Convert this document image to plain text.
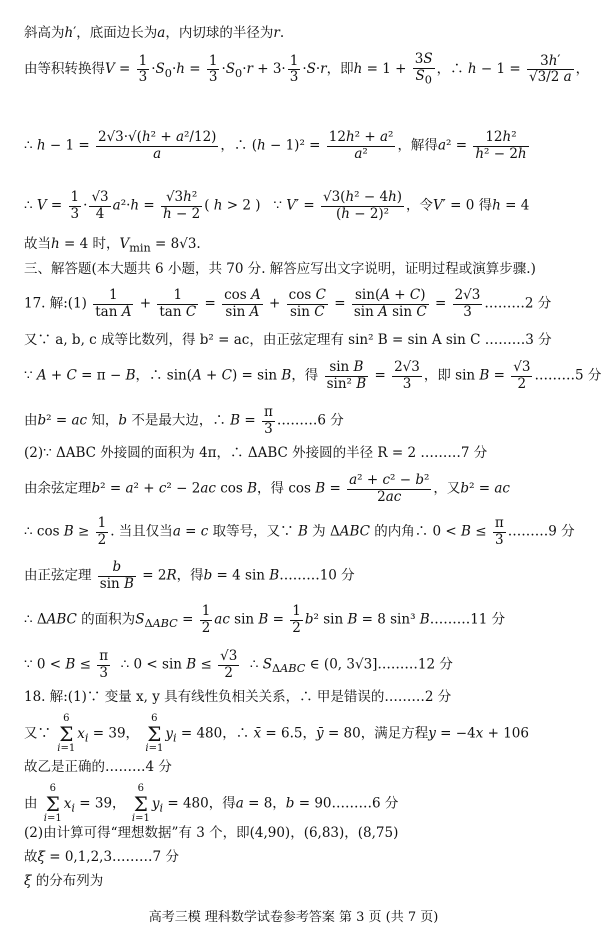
斜高为h′，底面边长为a，内切球的半径为r.
由等积转换得$V = \frac{1}{3} \cdot S_0\cdot h = \frac{1}{3} \cdot S_0\cdot r + 3\cdot \frac{1}{3} \cdot S\cdot r$，即$h = 1 + \frac{3S}{S_0}$ ，∴ $h - 1 = \frac{3h'}{√3/2 a}$ ，
∴ $h - 1 = \frac{\text{2√3·√(h² + a²/12)}}{a}$ ，∴ $(h - 1)^2 = \frac{\text{12h² + a²}}{\text{a²}}$ ，解得$a^2 = \frac{\text{12h²}}{\text{h² − 2h}}$
∴ $V = \frac{1}{3} \cdot \frac{√3}{4} a^2\cdot h = \frac{\text{√3h²}}{h - 2}$ ( h > 2 )   ∵ $V' = \frac{\text{√3(h² − 4h)}}{\text{(h − 2)²}}$ ，令V′ = 0 得h = 4
故当h = 4 时，$V_{min} = 8√3$.
三、解答题(本大题共 6 小题，共 70 分. 解答应写出文字说明，证明过程或演算步骤.)
17. 解:(1) $\frac{1}{\text{tan A}} + \frac{1}{\text{tan C}} = \frac{\text{cos A}}{\text{sin A}} + \frac{\text{cos C}}{\text{sin C}} = \frac{\sin(A + C)}{\text{sin A sin C}} = \frac{2√3}{3}$ ………2 分
又∵ a, b, c 成等比数列，得 b² = ac，由正弦定理有 sin² B = sin A sin C ………3 分
∵ A + C = π − B，∴ sin(A + C) = sin B，得 $\frac{\text{sin B}}{\text{sin² B}} = \frac{2√3}{3}$ ，即 $\sin B = \frac{√3}{2}$ ………5 分
由b² = ac 知，b 不是最大边，∴ $B = \frac{\pi}{3}$ ………6 分
(2)∵ ΔABC 外接圆的面积为 4π，∴ ΔABC 外接圆的半径 R = 2 ………7 分
由余弦定理b² = a² + c² − 2ac cos B，得 $\cos B = \frac{\text{a² + c² − b²}}{2ac}$ ，又b² = ac
∴ $\cos B \ge \frac{1}{2}$ . 当且仅当a = c 取等号，又∵ B 为 ΔABC 的内角∴ $0 < B \le \frac{\pi}{3}$ ………9 分
由正弦定理 $\frac{b}{\text{sin B}} = 2R$，得b = 4 sin B………10 分
∴ ΔABC 的面积为$S_{\Delta ABC} = \frac{1}{2}$ ac $\sin B = \frac{1}{2} b^2$ sin B = 8 sin³ B………11 分
∵ $0 < B \le \frac{\pi}{3}$ ∴ $0 < \sin B \le \frac{√3}{2}$ ∴ $S_{\Delta ABC}$ ∈ (0, 3√3]………12 分
18. 解:(1)∵ 变量 x, y 具有线性负相关关系，∴ 甲是错误的………2 分
又∵ 6
Σ
$i=1x_i = 39$， 6
Σ
$i=1y_i = 480$，∴ x̄ = 6.5，ȳ = 80，满足方程y = −4x + 106
故乙是正确的………4 分
由 6
Σ
$i=1x_i = 39$， 6
Σ
$i=1y_i = 480$，得a = 8，b = 90………6 分
(2)由计算可得“理想数据”有 3 个，即(4,90)，(6,83)，(8,75)
故ξ = 0,1,2,3………7 分
ξ 的分布列为
高考三模 理科数学试卷参考答案 第 3 页 (共 7 页)
